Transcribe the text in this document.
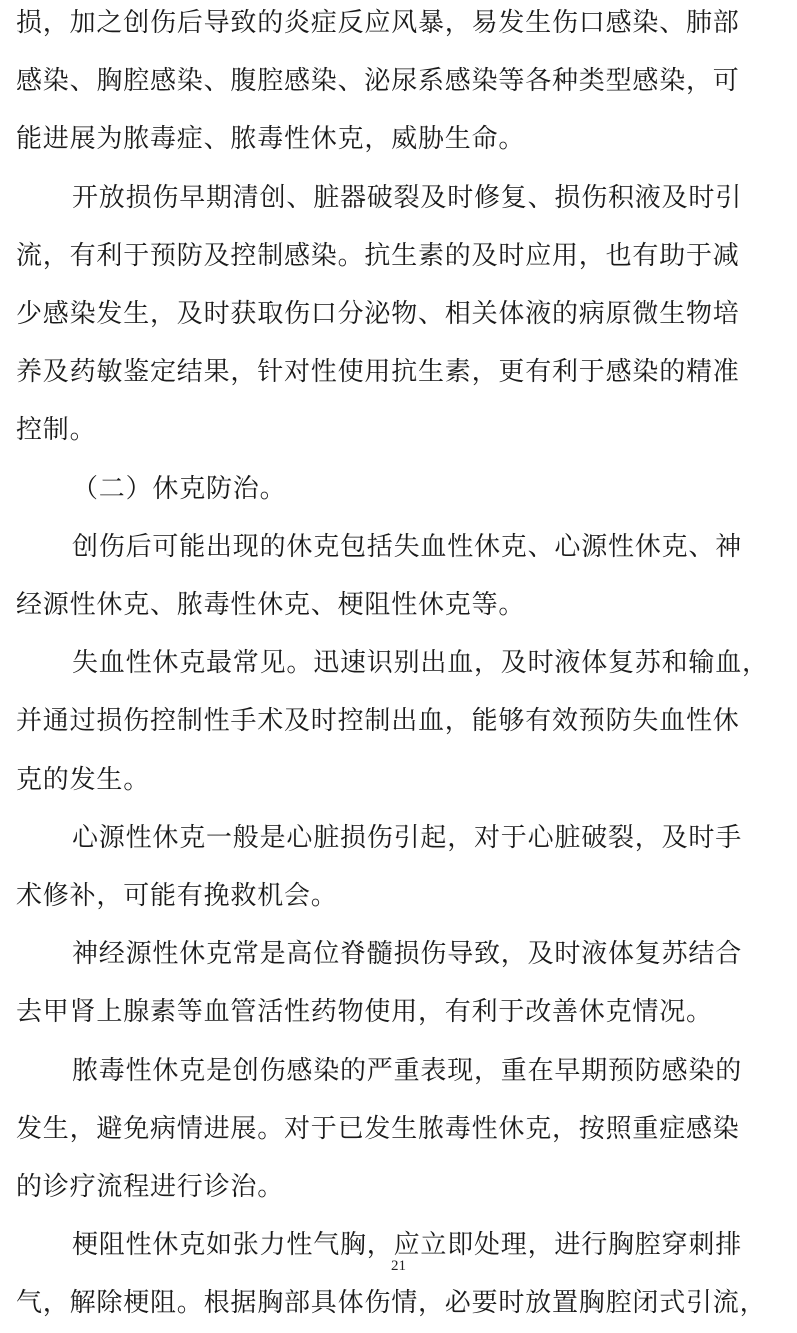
损，加之创伤后导致的炎症反应风暴，易发生伤口感染、肺部
感染、胸腔感染、腹腔感染、泌尿系感染等各种类型感染，可
能进展为脓毒症、脓毒性休克，威胁生命。

开放损伤早期清创、脏器破裂及时修复、损伤积液及时引
流，有利于预防及控制感染。抗生素的及时应用，也有助于减
少感染发生，及时获取伤口分泌物、相关体液的病原微生物培
养及药敏鉴定结果，针对性使用抗生素，更有利于感染的精准
控制。

（二）休克防治。

创伤后可能出现的休克包括失血性休克、心源性休克、神
经源性休克、脓毒性休克、梗阻性休克等。

失血性休克最常见。迅速识别出血，及时液体复苏和输血，
并通过损伤控制性手术及时控制出血，能够有效预防失血性休
克的发生。

心源性休克一般是心脏损伤引起，对于心脏破裂，及时手
术修补，可能有挽救机会。

神经源性休克常是高位脊髓损伤导致，及时液体复苏结合
去甲肾上腺素等血管活性药物使用，有利于改善休克情况。

脓毒性休克是创伤感染的严重表现，重在早期预防感染的
发生，避免病情进展。对于已发生脓毒性休克，按照重症感染
的诊疗流程进行诊治。

梗阻性休克如张力性气胸，应立即处理，进行胸腔穿刺排
气，解除梗阻。根据胸部具体伤情，必要时放置胸腔闭式引流，

21
